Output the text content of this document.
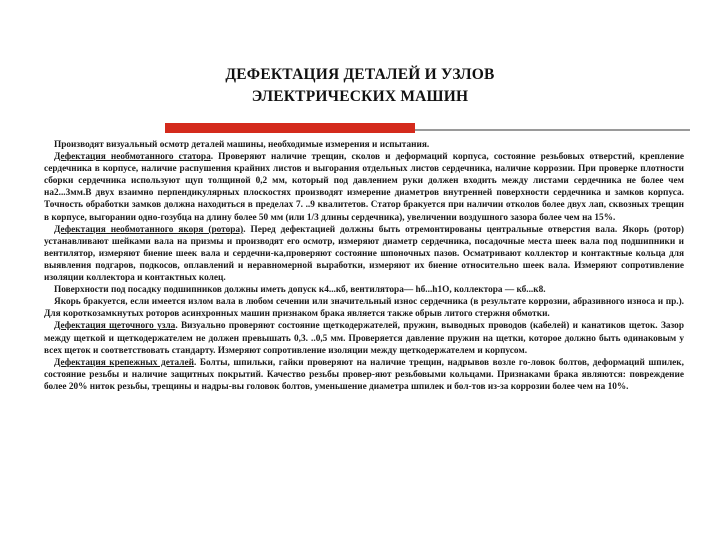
ДЕФЕКТАЦИЯ ДЕТАЛЕЙ И УЗЛОВ
ЭЛЕКТРИЧЕСКИХ МАШИН

Производят визуальный осмотр деталей машины, необходимые измерения и испытания.

Дефектация необмотанного статора. Проверяют наличие трещин, сколов и деформаций корпуса, состояние резьбовых отверстий, крепление сердечника в корпусе, наличие распушения крайних листов и выгорания отдельных листов сердечника, наличие коррозии. При проверке плотности сборки сердечника используют щуп толщиной 0,2 мм, который под давлением руки должен входить между листами сердечника не более чем на2...3мм.В двух взаимно перпендикулярных плоскостях производят измерение диаметров внутренней поверхности сердечника и замков корпуса. Точность обработки замков должна находиться в пределах 7. ..9 квалитетов. Статор бракуется при наличии отколов более двух лап, сквозных трещин в корпусе, выгорании одно-гозубца на длину более 50 мм (или 1/3 длины сердечника), увеличении воздушного зазора более чем на 15%.

Дефектация необмотанного якоря (ротора). Перед дефектацией должны быть отремонтированы центральные отверстия вала. Якорь (ротор) устанавливают шейками вала на призмы и производят его осмотр, измеряют диаметр сердечника, посадочные места шеек вала под подшипники и вентилятор, измеряют биение шеек вала и сердечни-ка,проверяют состояние шпоночных пазов. Осматривают коллектор и контактные кольца для выявления подгаров, подкосов, оплавлений и неравномерной выработки, измеряют их биение относительно шеек вала. Измеряют сопротивление изоляции коллектора и контактных колец.

Поверхности под посадку подшипников должны иметь допуск к4...кб, вентилятора— hб...h1O, коллектора — кб...к8.

Якорь бракуется, если имеется излом вала в любом сечении или значительный износ сердечника (в результате коррозии, абразивного износа и пр.). Для короткозамкнутых роторов асинхронных машин признаком брака является также обрыв литого стержня обмотки.

Дефектация щеточного узла. Визуально проверяют состояние щеткодержателей, пружин, выводных проводов (кабелей) и канатиков щеток. Зазор между щеткой и щеткодержателем не должен превышать 0,3. ..0,5 мм. Проверяется давление пружин на щетки, которое должно быть одинаковым у всех щеток и соответствовать стандарту. Измеряют сопротивление изоляции между щеткодержателем и корпусом.

Дефектация крепежных деталей. Болты, шпильки, гайки проверяют на наличие трещин, надрывов возле го-ловок болтов, деформаций шпилек, состояние резьбы и наличие защитных покрытий. Качество резьбы провер-яют резьбовыми кольцами. Признаками брака являются: повреждение более 20% ниток резьбы, трещины и надры-вы головок болтов, уменьшение диаметра шпилек и бол-тов из-за коррозии более чем на 10%.
